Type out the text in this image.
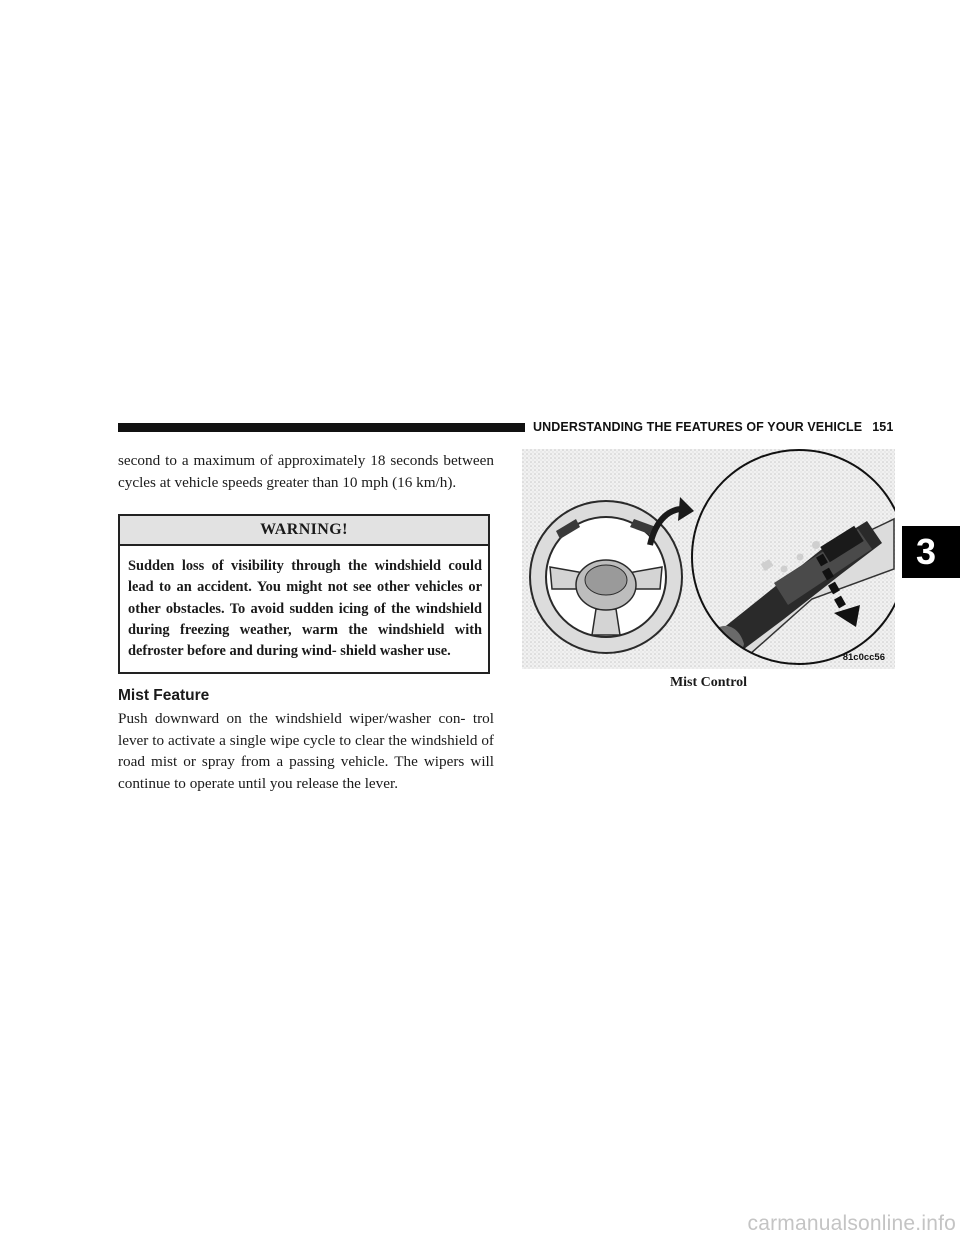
UNDERSTANDING THE FEATURES OF YOUR VEHICLE 151
3

second to a maximum of approximately 18 seconds between cycles at vehicle speeds greater than 10 mph (16 km/h).

WARNING!
Sudden loss of visibility through the windshield could lead to an accident. You might not see other vehicles or other obstacles. To avoid sudden icing of the windshield during freezing weather, warm the windshield with defroster before and during wind- shield washer use.
Mist Feature

Push downward on the windshield wiper/washer con- trol lever to activate a single wipe cycle to clear the windshield of road mist or spray from a passing vehicle. The wipers will continue to operate until you release the lever.

81c0cc56
Mist Control
carmanualsonline.info
